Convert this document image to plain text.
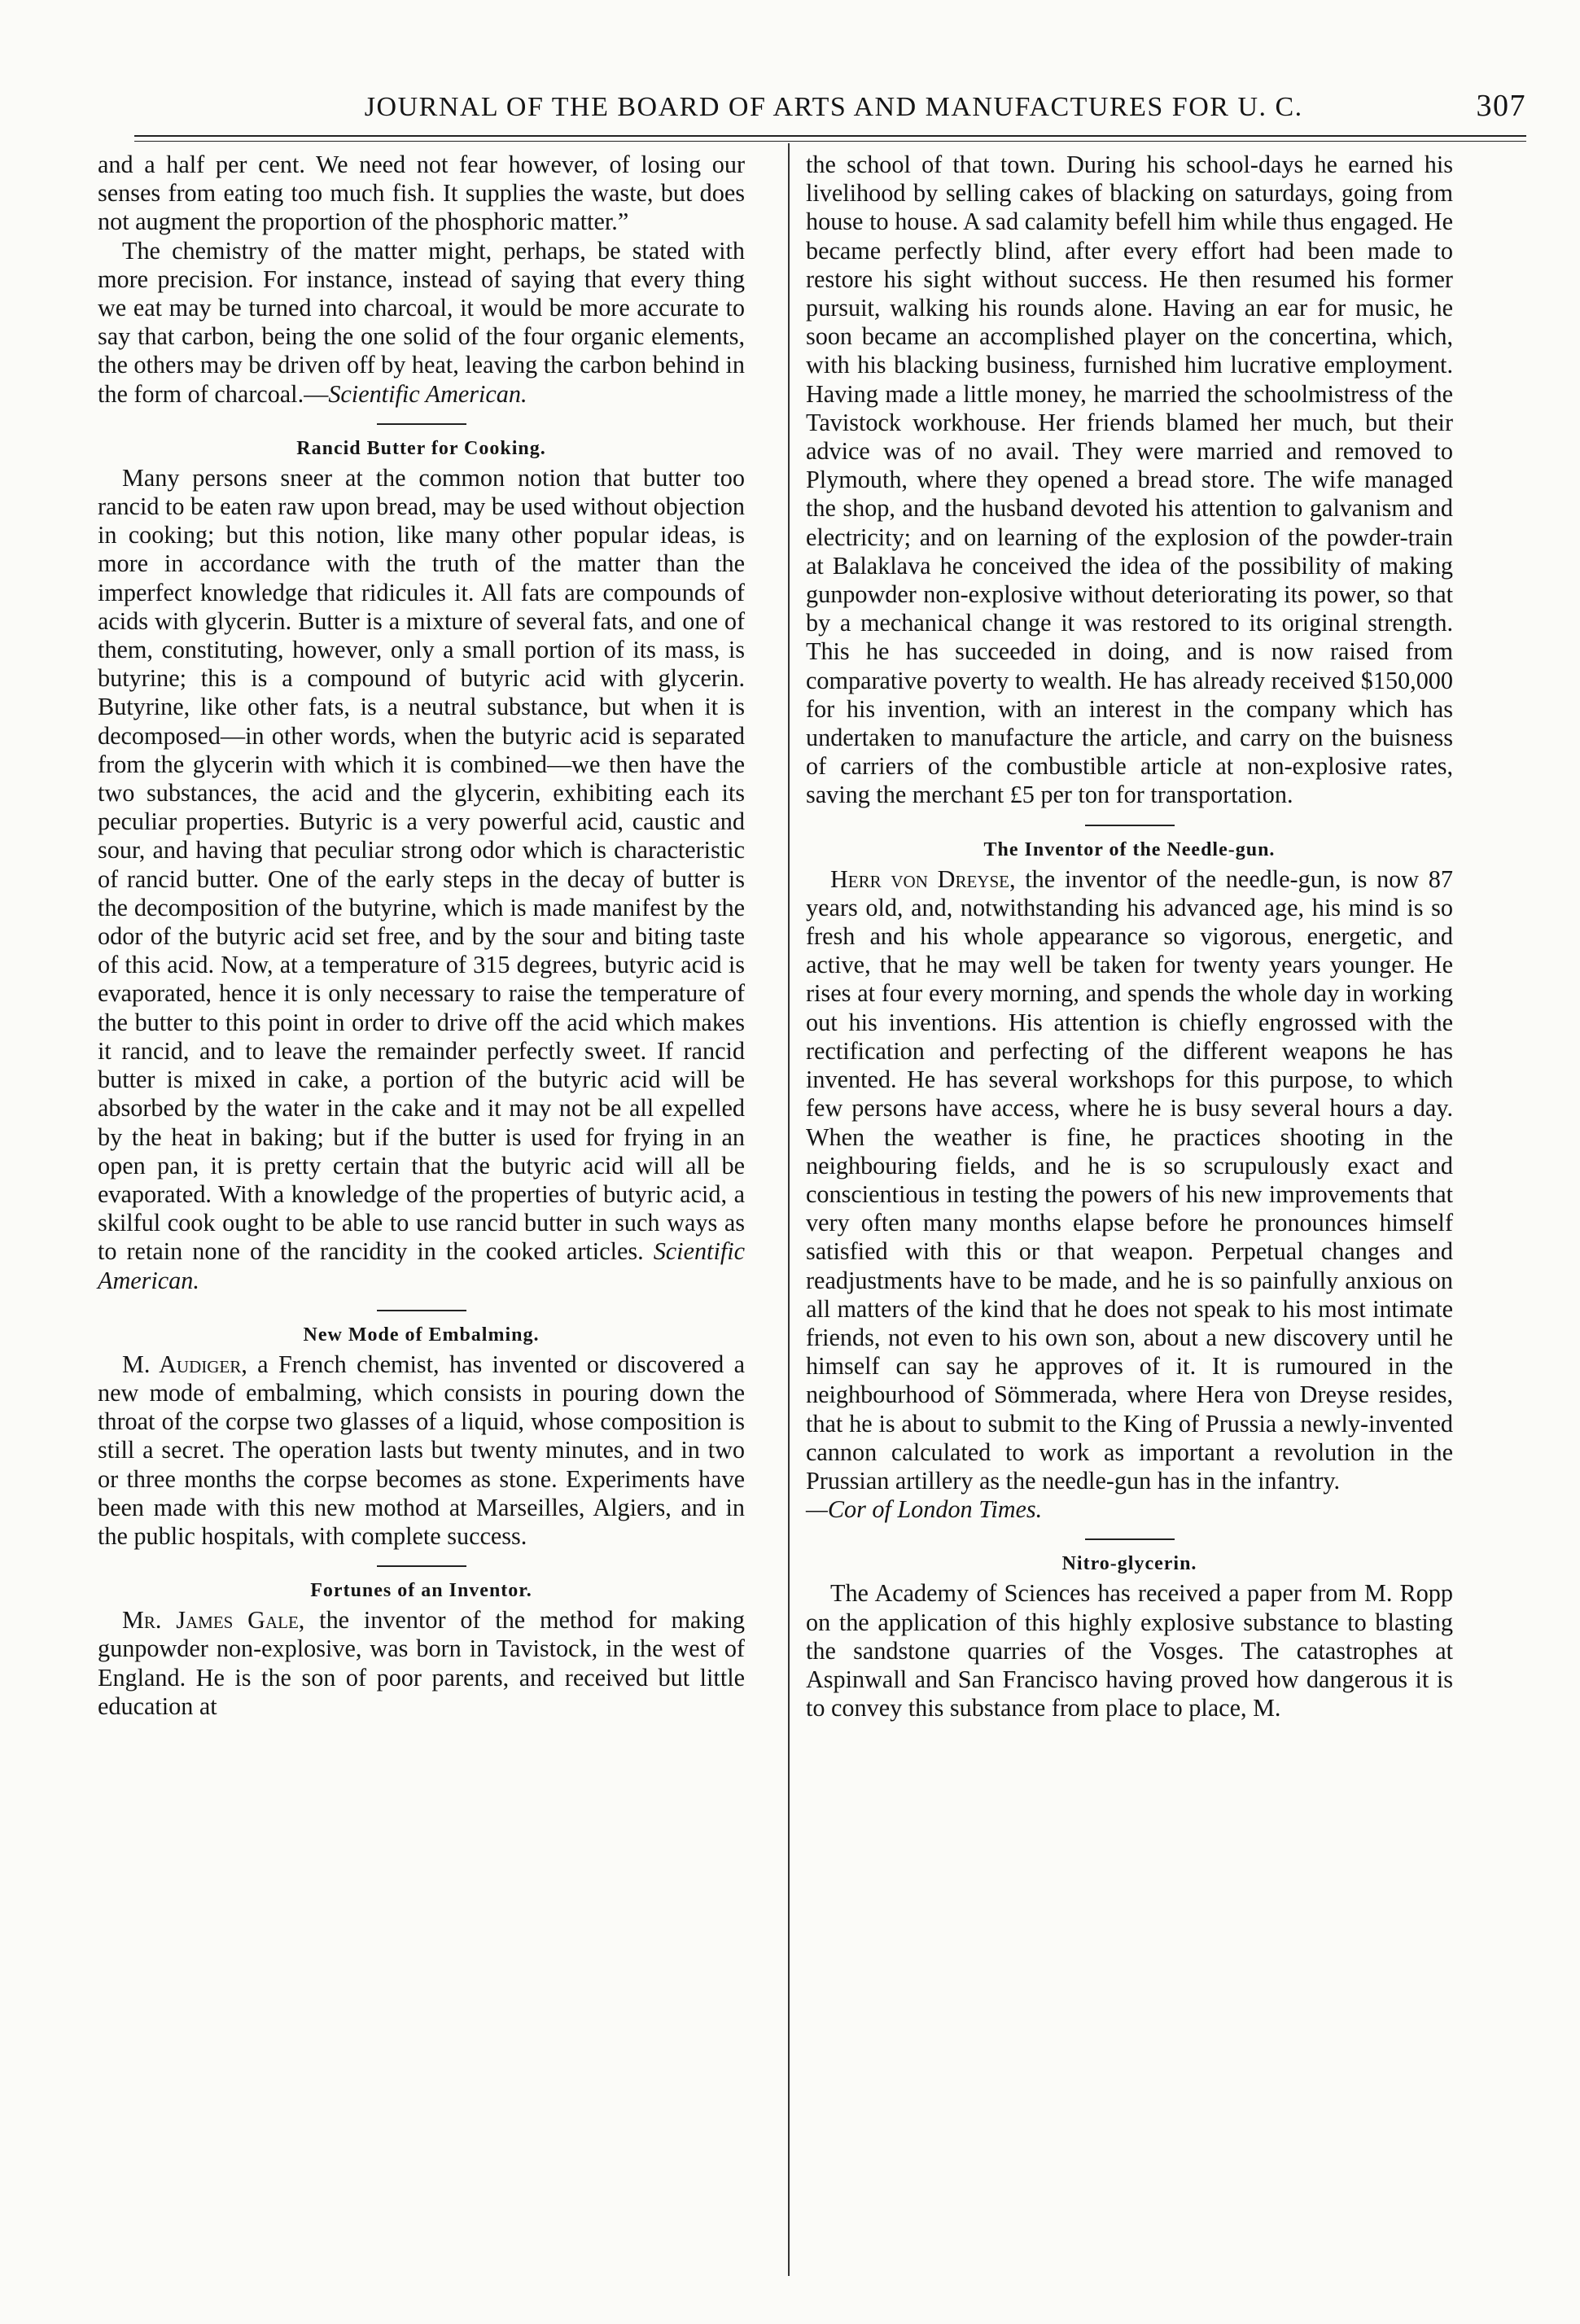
JOURNAL OF THE BOARD OF ARTS AND MANUFACTURES FOR U. C.	307

and a half per cent. We need not fear however, of losing our senses from eating too much fish. It supplies the waste, but does not augment the proportion of the phosphoric matter.”

The chemistry of the matter might, perhaps, be stated with more precision. For instance, instead of saying that every thing we eat may be turned into charcoal, it would be more accurate to say that carbon, being the one solid of the four organic elements, the others may be driven off by heat, leaving the carbon behind in the form of charcoal.—Scientific American.

Rancid Butter for Cooking.

Many persons sneer at the common notion that butter too rancid to be eaten raw upon bread, may be used without objection in cooking; but this notion, like many other popular ideas, is more in accordance with the truth of the matter than the imperfect knowledge that ridicules it. All fats are compounds of acids with glycerin. Butter is a mixture of several fats, and one of them, constituting, however, only a small portion of its mass, is butyrine; this is a compound of butyric acid with glycerin. Butyrine, like other fats, is a neutral substance, but when it is decomposed—in other words, when the butyric acid is separated from the glycerin with which it is combined—we then have the two substances, the acid and the glycerin, exhibiting each its peculiar properties. Butyric is a very powerful acid, caustic and sour, and having that peculiar strong odor which is characteristic of rancid butter. One of the early steps in the decay of butter is the decomposition of the butyrine, which is made manifest by the odor of the butyric acid set free, and by the sour and biting taste of this acid. Now, at a temperature of 315 degrees, butyric acid is evaporated, hence it is only necessary to raise the temperature of the butter to this point in order to drive off the acid which makes it rancid, and to leave the remainder perfectly sweet. If rancid butter is mixed in cake, a portion of the butyric acid will be absorbed by the water in the cake and it may not be all expelled by the heat in baking; but if the butter is used for frying in an open pan, it is pretty certain that the butyric acid will all be evaporated. With a knowledge of the properties of butyric acid, a skilful cook ought to be able to use rancid butter in such ways as to retain none of the rancidity in the cooked articles. Scientific American.

New Mode of Embalming.

M. Audiger, a French chemist, has invented or discovered a new mode of embalming, which consists in pouring down the throat of the corpse two glasses of a liquid, whose composition is still a secret. The operation lasts but twenty minutes, and in two or three months the corpse becomes as stone. Experiments have been made with this new mothod at Marseilles, Algiers, and in the public hospitals, with complete success.

Fortunes of an Inventor.

Mr. James Gale, the inventor of the method for making gunpowder non-explosive, was born in Tavistock, in the west of England. He is the son of poor parents, and received but little education at

the school of that town. During his school-days he earned his livelihood by selling cakes of blacking on saturdays, going from house to house. A sad calamity befell him while thus engaged. He became perfectly blind, after every effort had been made to restore his sight without success. He then resumed his former pursuit, walking his rounds alone. Having an ear for music, he soon became an accomplished player on the concertina, which, with his blacking business, furnished him lucrative employment. Having made a little money, he married the schoolmistress of the Tavistock workhouse. Her friends blamed her much, but their advice was of no avail. They were married and removed to Plymouth, where they opened a bread store. The wife managed the shop, and the husband devoted his attention to galvanism and electricity; and on learning of the explosion of the powder-train at Balaklava he conceived the idea of the possibility of making gunpowder non-explosive without deteriorating its power, so that by a mechanical change it was restored to its original strength. This he has succeeded in doing, and is now raised from comparative poverty to wealth. He has already received $150,000 for his invention, with an interest in the company which has undertaken to manufacture the article, and carry on the buisness of carriers of the combustible article at non-explosive rates, saving the merchant £5 per ton for transportation.

The Inventor of the Needle-gun.

Herr von Dreyse, the inventor of the needle-gun, is now 87 years old, and, notwithstanding his advanced age, his mind is so fresh and his whole appearance so vigorous, energetic, and active, that he may well be taken for twenty years younger. He rises at four every morning, and spends the whole day in working out his inventions. His attention is chiefly engrossed with the rectification and perfecting of the different weapons he has invented. He has several workshops for this purpose, to which few persons have access, where he is busy several hours a day. When the weather is fine, he practices shooting in the neighbouring fields, and he is so scrupulously exact and conscientious in testing the powers of his new improvements that very often many months elapse before he pronounces himself satisfied with this or that weapon. Perpetual changes and readjustments have to be made, and he is so painfully anxious on all matters of the kind that he does not speak to his most intimate friends, not even to his own son, about a new discovery until he himself can say he approves of it. It is rumoured in the neighbourhood of Sömmerada, where Hera von Dreyse resides, that he is about to submit to the King of Prussia a newly-invented cannon calculated to work as important a revolution in the Prussian artillery as the needle-gun has in the infantry.
—Cor of London Times.

Nitro-glycerin.

The Academy of Sciences has received a paper from M. Ropp on the application of this highly explosive substance to blasting the sandstone quarries of the Vosges. The catastrophes at Aspinwall and San Francisco having proved how dangerous it is to convey this substance from place to place, M.
